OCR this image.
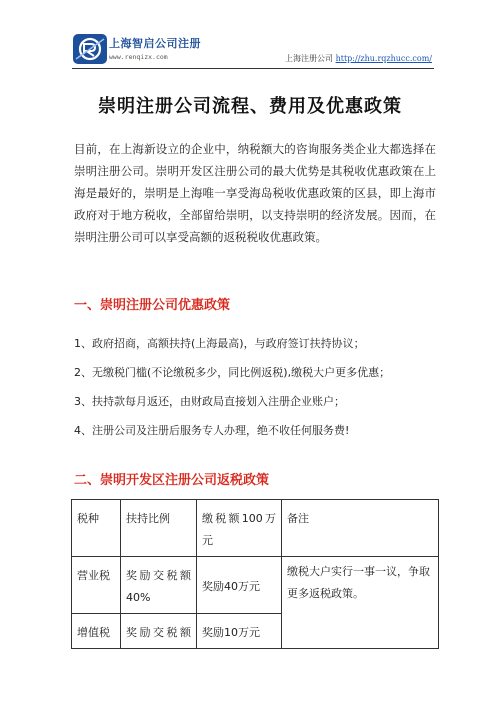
上海智启公司注册
www.renqizx.com	上海注册公司 http://zhu.rqzhucc.com/
崇明注册公司流程、费用及优惠政策
目前，在上海新设立的企业中，纳税额大的咨询服务类企业大都选择在崇明注册公司。崇明开发区注册公司的最大优势是其税收优惠政策在上海是最好的，崇明是上海唯一享受海岛税收优惠政策的区县，即上海市政府对于地方税收，全部留给崇明，以支持崇明的经济发展。因而，在崇明注册公司可以享受高额的返税税收优惠政策。
一、崇明注册公司优惠政策
1、政府招商，高额扶持(上海最高)，与政府签订扶持协议；
2、无缴税门槛(不论缴税多少，同比例返税),缴税大户更多优惠；
3、扶持款每月返还，由财政局直接划入注册企业账户；
4、注册公司及注册后服务专人办理，绝不收任何服务费!
二、崇明开发区注册公司返税政策
税种	扶持比例	缴税额100万元	备注
营业税	奖励交税额40%	奖励40万元	缴税大户实行一事一议，争取更多返税政策。
增值税	奖励交税额	奖励10万元	
